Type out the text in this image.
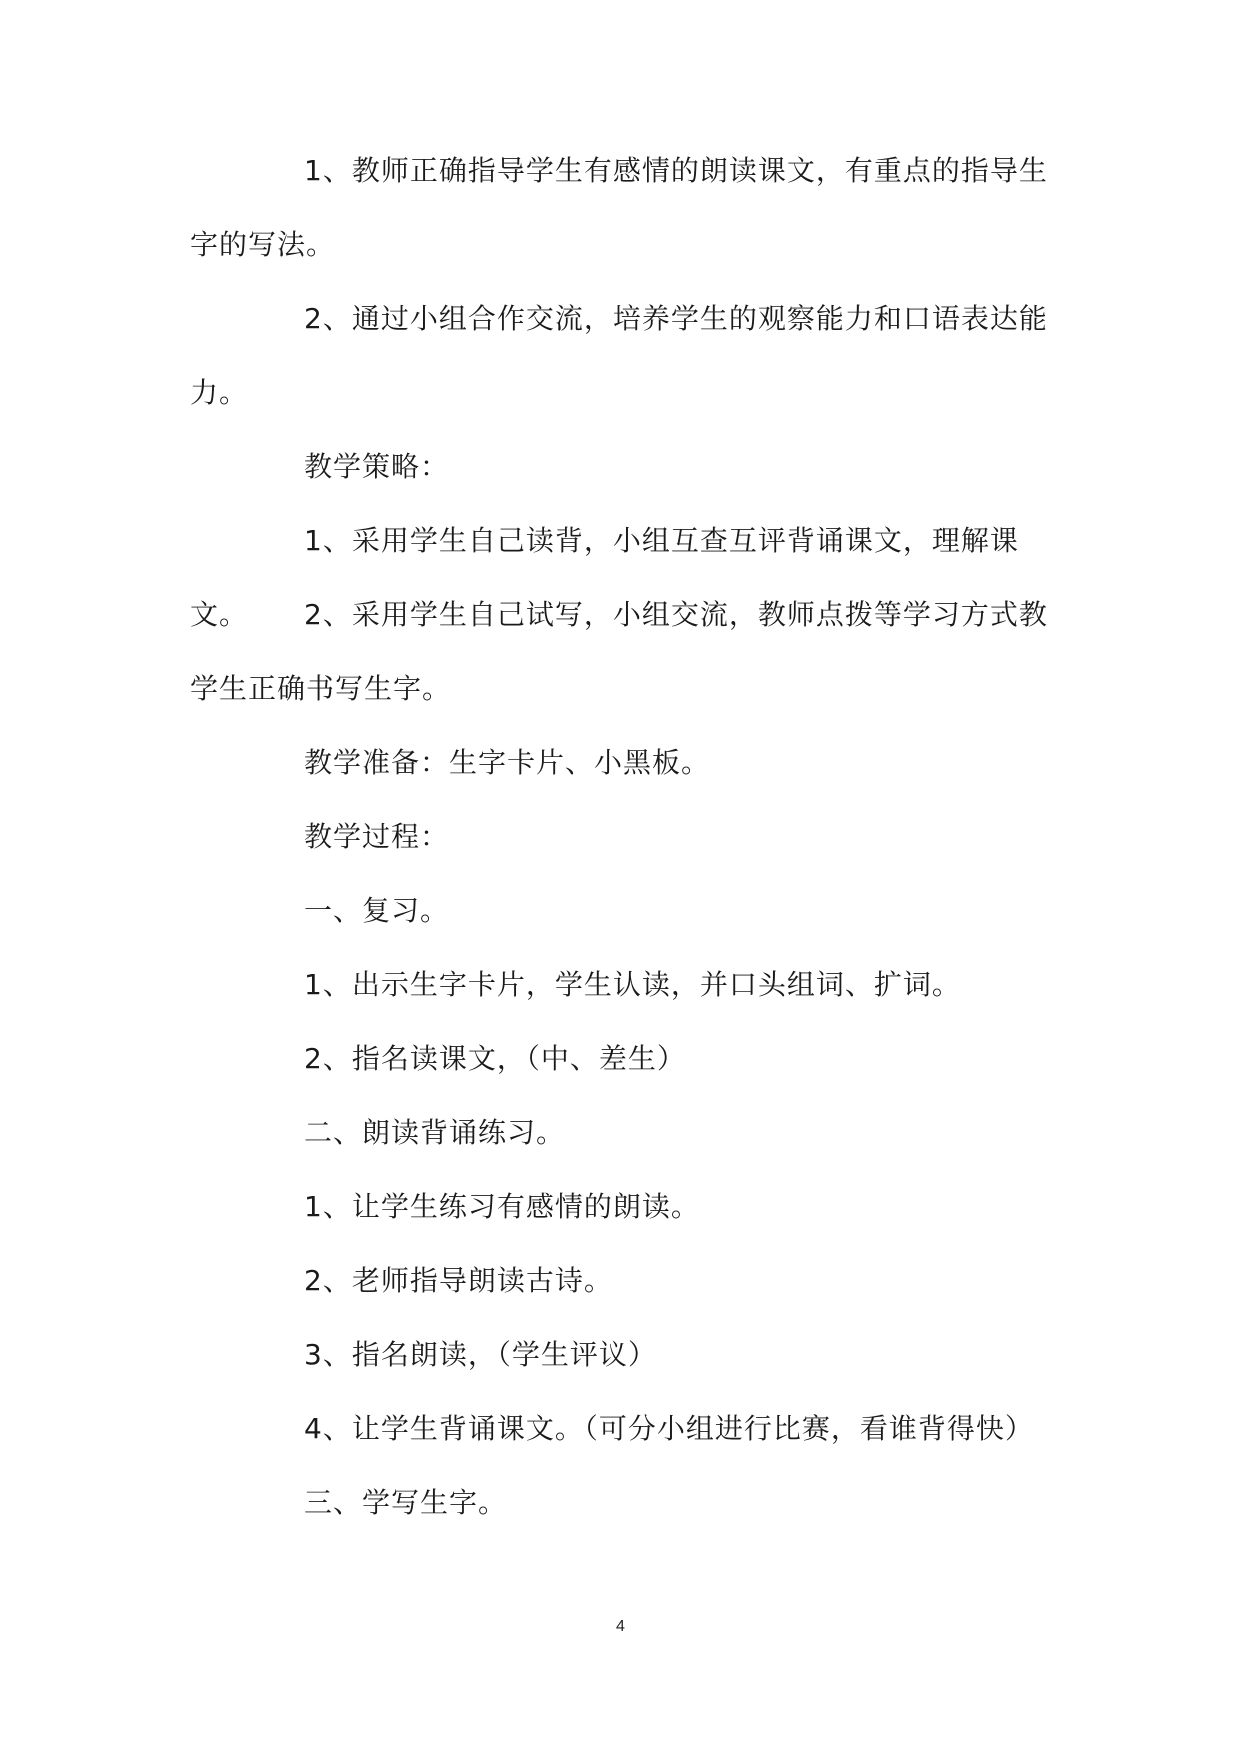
1、教师正确指导学生有感情的朗读课文，有重点的指导生字的写法。

2、通过小组合作交流，培养学生的观察能力和口语表达能力。

教学策略：

1、采用学生自己读背，小组互查互评背诵课文，理解课文。	2、采用学生自己试写，小组交流，教师点拨等学习方式教学生正确书写生字。

教学准备：生字卡片、小黑板。

教学过程：

一、复习。

1、出示生字卡片，学生认读，并口头组词、扩词。

2、指名读课文，（中、差生）

二、朗读背诵练习。

1、让学生练习有感情的朗读。

2、老师指导朗读古诗。

3、指名朗读，（学生评议）

4、让学生背诵课文。（可分小组进行比赛，看谁背得快）

三、学写生字。

4
